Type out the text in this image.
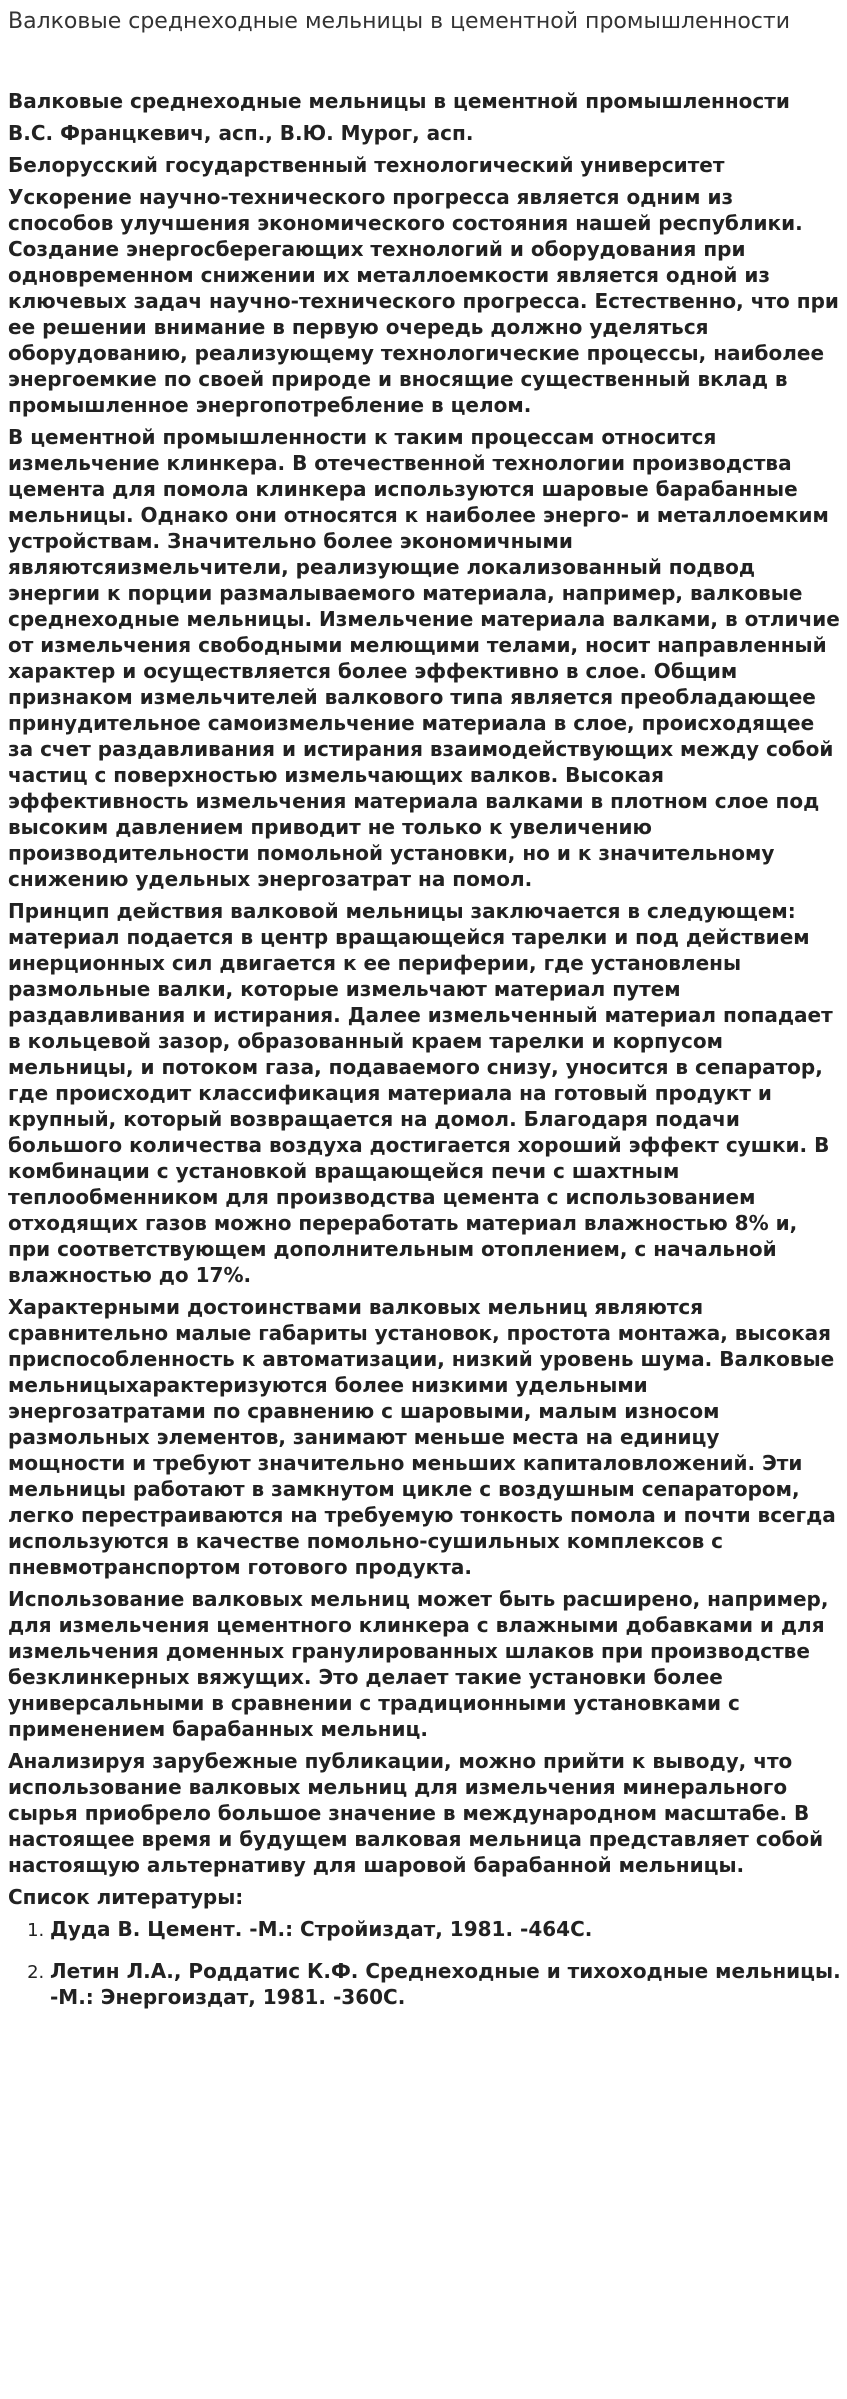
Валковые среднеходные мельницы в цементной промышленности
Валковые среднеходные мельницы в цементной промышленности
В.С. Францкевич, асп., В.Ю. Мурог, асп.
Белорусский государственный технологический университет

Ускорение научно-технического прогресса является одним из способов улучшения экономического состояния нашей республики. Создание энергосберегающих технологий и оборудования при одновременном снижении их металлоемкости является одной из ключевых задач научно-технического прогресса. Естественно, что при ее решении внимание в первую очередь должно уделяться оборудованию, реализующему технологические процессы, наиболее энергоемкие по своей природе и вносящие существенный вклад в промышленное энергопотребление в целом.

В цементной промышленности к таким процессам относится измельчение клинкера. В отечественной технологии производства цемента для помола клинкера используются шаровые барабанные мельницы. Однако они относятся к наиболее энерго- и металлоемким устройствам. Значительно более экономичными являютсяизмельчители, реализующие локализованный подвод энергии к порции размалываемого материала, например, валковые среднеходные мельницы. Измельчение материала валками, в отличие от измельчения свободными мелющими телами, носит направленный характер и осуществляется более эффективно в слое. Общим признаком измельчителей валкового типа является преобладающее принудительное самоизмельчение материала в слое, происходящее за счет раздавливания и истирания взаимодействующих между собой частиц с поверхностью измельчающих валков. Высокая эффективность измельчения материала валками в плотном слое под высоким давлением приводит не только к увеличению производительности помольной установки, но и к значительному снижению удельных энергозатрат на помол.

Принцип действия валковой мельницы заключается в следующем: материал подается в центр вращающейся тарелки и под действием инерционных сил двигается к ее периферии, где установлены размольные валки, которые измельчают материал путем раздавливания и истирания. Далее измельченный материал попадает в кольцевой зазор, образованный краем тарелки и корпусом мельницы, и потоком газа, подаваемого снизу, уносится в сепаратор, где происходит классификация материала на готовый продукт и крупный, который возвращается на домол. Благодаря подачи большого количества воздуха достигается хороший эффект сушки. В комбинации с установкой вращающейся печи с шахтным теплообменником для производства цемента с использованием отходящих газов можно переработать материал влажностью 8% и, при соответствующем дополнительным отоплением, с начальной влажностью до 17%.

Характерными достоинствами валковых мельниц являются сравнительно малые габариты установок, простота монтажа, высокая приспособленность к автоматизации, низкий уровень шума. Валковые мельницыхарактеризуются более низкими удельными энергозатратами по сравнению с шаровыми, малым износом размольных элементов, занимают меньше места на единицу мощности и требуют значительно меньших капиталовложений. Эти мельницы работают в замкнутом цикле с воздушным сепаратором, легко перестраиваются на требуемую тонкость помола и почти всегда используются в качестве помольно-сушильных комплексов с пневмотранспортом готового продукта.

Использование валковых мельниц может быть расширено, например, для измельчения цементного клинкера с влажными добавками и для измельчения доменных гранулированных шлаков при производстве безклинкерных вяжущих. Это делает такие установки более универсальными в сравнении с традиционными установками с применением барабанных мельниц.

Анализируя зарубежные публикации, можно прийти к выводу, что использование валковых мельниц для измельчения минерального сырья приобрело большое значение в международном масштабе. В настоящее время и будущем валковая мельница представляет собой настоящую альтернативу для шаровой барабанной мельницы.

Список литературы:
1. Дуда В. Цемент. -М.: Стройиздат, 1981. -464С.
2. Летин Л.А., Роддатис К.Ф. Среднеходные и тихоходные мельницы. -М.: Энергоиздат, 1981. -360С.
